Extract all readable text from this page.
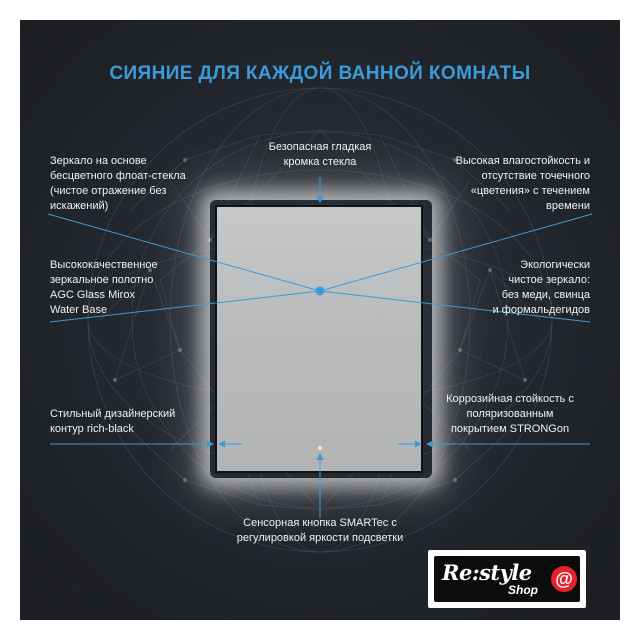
СИЯНИЕ ДЛЯ КАЖДОЙ ВАННОЙ КОМНАТЫ
Зеркало на основе
бесцветного флоат-стекла
(чистое отражение без
искажений)
Высококачественное
зеркальное полотно
AGC Glass Mirox
Water Base
Стильный дизайнерский
контур rich-black
Безопасная гладкая
кромка стекла	Высокая влагостойкость и
отсутствие точечного
«цветения» с течением
времени
Экологически
чистое зеркало:
без меди, свинца
и формальдегидов
Коррозийная стойкость с
поляризованным
покрытием STRONGon
Сенсорная кнопка SMARTec с
регулировкой яркости подсветки
Re:style
Shop
@
